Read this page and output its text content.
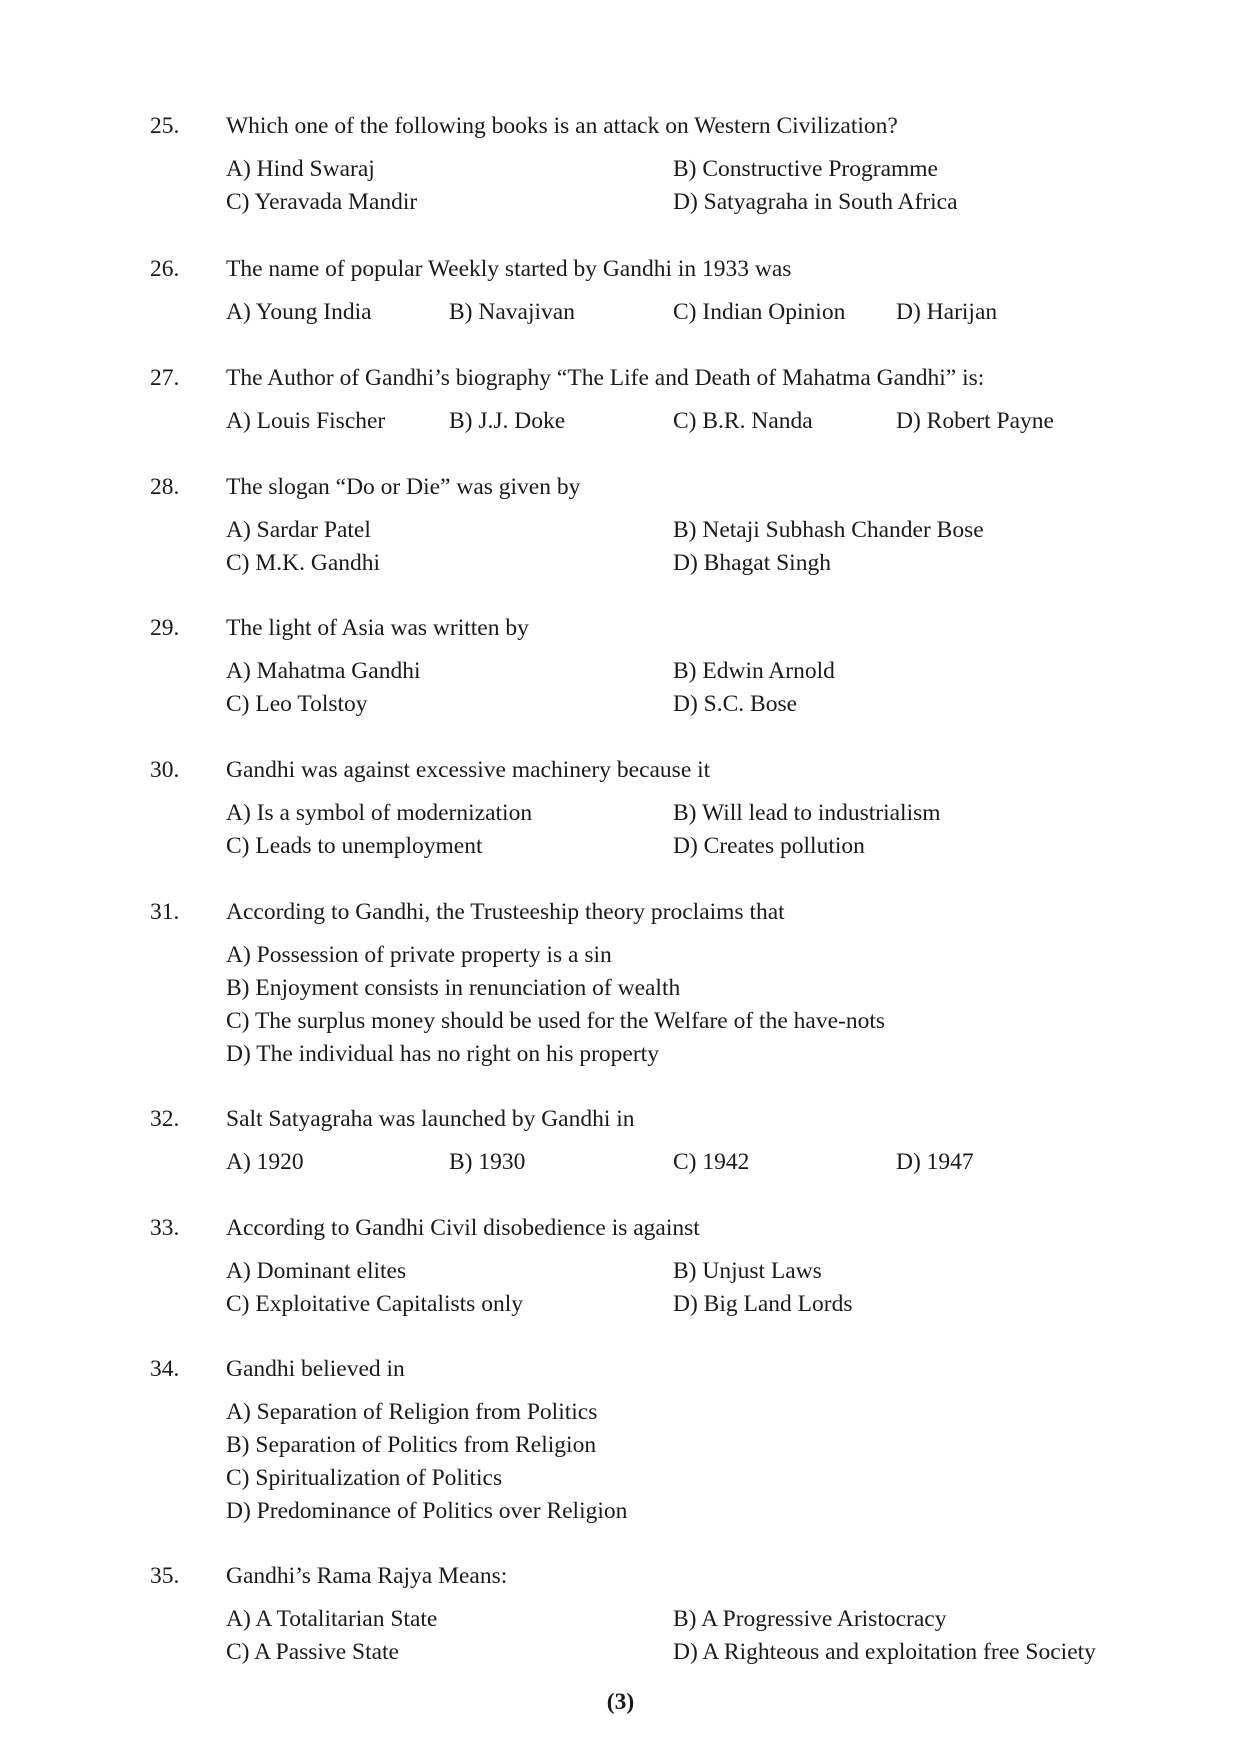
25.	Which one of the following books is an attack on Western Civilization?
A) Hind Swaraj	B) Constructive Programme
C) Yeravada Mandir	D) Satyagraha in South Africa
26.	The name of popular Weekly started by Gandhi in 1933 was
A) Young India	B) Navajivan	C) Indian Opinion D) Harijan
27.	The Author of Gandhi’s biography “The Life and Death of Mahatma Gandhi” is:
A) Louis Fischer	B) J.J. Doke	C) B.R. Nanda	D) Robert Payne
28.	The slogan “Do or Die” was given by
A) Sardar Patel	B) Netaji Subhash Chander Bose
C) M.K. Gandhi	D) Bhagat Singh
29.	The light of Asia was written by
A) Mahatma Gandhi	B) Edwin Arnold
C) Leo Tolstoy	D) S.C. Bose
30.	Gandhi was against excessive machinery because it
A) Is a symbol of modernization	B) Will lead to industrialism
C) Leads to unemployment	D) Creates pollution
31.	According to Gandhi, the Trusteeship theory proclaims that
A) Possession of private property is a sin
B) Enjoyment consists in renunciation of wealth
C) The surplus money should be used for the Welfare of the have-nots
D) The individual has no right on his property
32.	Salt Satyagraha was launched by Gandhi in
A) 1920	B) 1930	C) 1942	D) 1947
33.	According to Gandhi Civil disobedience is against
A) Dominant elites	B) Unjust Laws
C) Exploitative Capitalists only	D) Big Land Lords
34.	Gandhi believed in
A) Separation of Religion from Politics
B) Separation of Politics from Religion
C) Spiritualization of Politics
D) Predominance of Politics over Religion
35.	Gandhi’s Rama Rajya Means:
A) A Totalitarian State	B) A Progressive Aristocracy
C) A Passive State	D) A Righteous and exploitation free Society
(3)
